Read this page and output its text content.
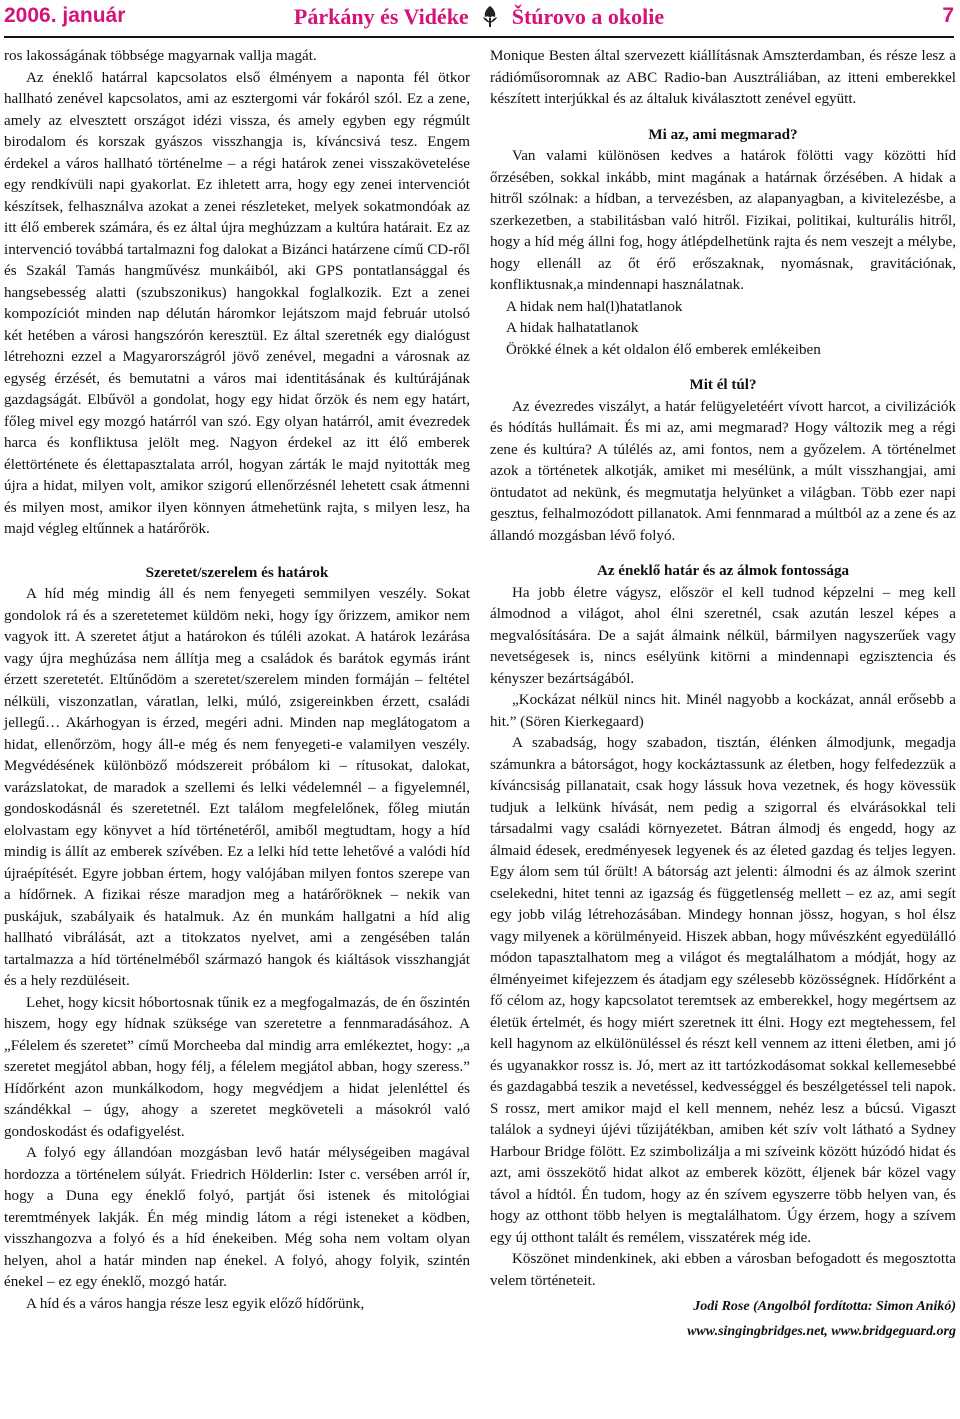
2006. január	Párkány és Vidéke Štúrovo a okolie	7

ros lakosságának többsége magyarnak vallja magát.

Az éneklő határral kapcsolatos első élményem a naponta fél ötkor hallható zenével kapcsolatos, ami az esztergomi vár fokáról szól. Ez a zene, amely az elvesztett országot idézi vissza, és amely egyben egy régmúlt birodalom és korszak gyászos visszhangja is, kíváncsivá tesz. Engem érdekel a város hallható történelme – a régi határok zenei visszakövetelése egy rendkívüli napi gyakorlat. Ez ihletett arra, hogy egy zenei intervenciót készítsek, felhasználva azokat a zenei részleteket, melyek sokatmondóak az itt élő emberek számára, és ez által újra meghúzzam a kultúra határait. Ez az intervenció továbbá tartalmazni fog dalokat a Bizánci határzene című CD-ről és Szakál Tamás hangművész munkáiból, aki GPS pontatlansággal és hangsebesség alatti (szubszonikus) hangokkal foglalkozik. Ezt a zenei kompozíciót minden nap délután háromkor lejátszom majd február utolsó két hetében a városi hangszórón keresztül. Ez által szeretnék egy dialógust létrehozni ezzel a Magyarországról jövő zenével, megadni a városnak az egység érzését, és bemutatni a város mai identitásának és kultúrájának gazdagságát. Elbűvöl a gondolat, hogy egy hidat őrzök és nem egy határt, főleg mivel egy mozgó határról van szó. Egy olyan határról, amit évezredek harca és konfliktusa jelölt meg. Nagyon érdekel az itt élő emberek élettörténete és élettapasztalata arról, hogyan zárták le majd nyitották meg újra a hidat, milyen volt, amikor szigorú ellenőrzésnél lehetett csak átmenni és milyen most, amikor ilyen könnyen átmehetünk rajta, s milyen lesz, ha majd végleg eltűnnek a határőrök.

Szeretet/szerelem és határok

A híd még mindig áll és nem fenyegeti semmilyen veszély. Sokat gondolok rá és a szeretetemet küldöm neki, hogy így őrizzem, amikor nem vagyok itt. A szeretet átjut a határokon és túléli azokat. A határok lezárása vagy újra meghúzása nem állítja meg a családok és barátok egymás iránt érzett szeretetét. Eltűnődöm a szeretet/szerelem minden formáján – feltétel nélküli, viszonzatlan, váratlan, lelki, múló, zsigereinkben érzett, családi jellegű… Akárhogyan is érzed, megéri adni. Minden nap meglátogatom a hidat, ellenőrzöm, hogy áll-e még és nem fenyegeti-e valamilyen veszély. Megvédésének különböző módszereit próbálom ki – rítusokat, dalokat, varázslatokat, de maradok a szellemi és lelki védelemnél – a figyelemnél, gondoskodásnál és szeretetnél. Ezt találom megfelelőnek, főleg miután elolvastam egy könyvet a híd történetéről, amiből megtudtam, hogy a híd mindig is állít az emberek szívében. Ez a lelki híd tette lehetővé a valódi híd újraépítését. Egyre jobban értem, hogy valójában milyen fontos szerepe van a hídőrnek. A fizikai része maradjon meg a határőröknek – nekik van puskájuk, szabályaik és hatalmuk. Az én munkám hallgatni a híd alig hallható vibrálását, azt a titokzatos nyelvet, ami a zengésében talán tartalmazza a híd történelméből származó hangok és kiáltások visszhangját és a hely rezdüléseit.

Lehet, hogy kicsit hóbortosnak tűnik ez a megfogalmazás, de én őszintén hiszem, hogy egy hídnak szüksége van szeretetre a fennmaradásához. A „Félelem és szeretet” című Morcheeba dal mindig arra emlékeztet, hogy: „a szeretet megjátol abban, hogy félj, a félelem megjátol abban, hogy szeress.” Hídőrként azon munkálkodom, hogy megvédjem a hidat jelenléttel és szándékkal – úgy, ahogy a szeretet megköveteli a másokról való gondoskodást és odafigyelést.

A folyó egy állandóan mozgásban levő határ mélységeiben magával hordozza a történelem súlyát. Friedrich Hölderlin: Ister c. versében arról ír, hogy a Duna egy éneklő folyó, partját ősi istenek és mitológiai teremtmények lakják. Én még mindig látom a régi isteneket a ködben, visszhangozva a folyó és a híd énekeiben. Még soha nem voltam olyan helyen, ahol a határ minden nap énekel. A folyó, ahogy folyik, szintén énekel – ez egy éneklő, mozgó határ.

A híd és a város hangja része lesz egyik előző hídőrünk,

Monique Besten által szervezett kiállításnak Amszterdamban, és része lesz a rádióműsoromnak az ABC Radio-ban Ausztráliában, az itteni emberekkel készített interjúkkal és az általuk kiválasztott zenével együtt.

Mi az, ami megmarad?

Van valami különösen kedves a határok fölötti vagy közötti híd őrzésében, sokkal inkább, mint magának a határnak őrzésében. A hidak a hitről szólnak: a hídban, a tervezésben, az alapanyagban, a kivitelezésbe, a szerkezetben, a stabilitásban való hitről. Fizikai, politikai, kulturális hitről, hogy a híd még állni fog, hogy átlépdelhetünk rajta és nem veszejt a mélybe, hogy ellenáll az őt érő erőszaknak, nyomásnak, gravitációnak, konfliktusnak,a mindennapi használatnak.

A hidak nem hal(l)hatatlanok

A hidak halhatatlanok

Örökké élnek a két oldalon élő emberek emlékeiben

Mit él túl?

Az évezredes viszályt, a határ felügyeletéért vívott harcot, a civilizációk és hódítás hullámait. És mi az, ami megmarad? Hogy változik meg a régi zene és kultúra? A túlélés az, ami fontos, nem a győzelem. A történelmet azok a történetek alkotják, amiket mi mesélünk, a múlt visszhangjai, ami öntudatot ad nekünk, és megmutatja helyünket a világban. Több ezer napi gesztus, felhalmozódott pillanatok. Ami fennmarad a múltból az a zene és az állandó mozgásban lévő folyó.

Az éneklő határ és az álmok fontossága

Ha jobb életre vágysz, először el kell tudnod képzelni – meg kell álmodnod a világot, ahol élni szeretnél, csak azután leszel képes a megvalósítására. De a saját álmaink nélkül, bármilyen nagyszerűek vagy nevetségesek is, nincs esélyünk kitörni a mindennapi egzisztencia és kényszer bezártságából.

„Kockázat nélkül nincs hit. Minél nagyobb a kockázat, annál erősebb a hit.” (Sören Kierkegaard)

A szabadság, hogy szabadon, tisztán, élénken álmodjunk, megadja számunkra a bátorságot, hogy kockáztassunk az életben, hogy felfedezzük a kíváncsiság pillanatait, csak hogy lássuk hova vezetnek, és hogy kövessük tudjuk a lelkünk hívását, nem pedig a szigorral és elvárásokkal teli társadalmi vagy családi környezetet. Bátran álmodj és engedd, hogy az álmaid édesek, eredményesek legyenek és az életed gazdag és teljes legyen. Egy álom sem túl őrült! A bátorság azt jelenti: álmodni és az álmok szerint cselekedni, hitet tenni az igazság és függetlenség mellett – ez az, ami segít egy jobb világ létrehozásában. Mindegy honnan jössz, hogyan, s hol élsz vagy milyenek a körülményeid. Hiszek abban, hogy művészként egyedülálló módon tapasztalhatom meg a világot és megtalálhatom a módját, hogy az élményeimet kifejezzem és átadjam egy szélesebb közösségnek. Hídőrként a fő célom az, hogy kapcsolatot teremtsek az emberekkel, hogy megértsem az életük értelmét, és hogy miért szeretnek itt élni. Hogy ezt megtehessem, fel kell hagynom az elkülönüléssel és részt kell vennem az itteni életben, ami jó és ugyanakkor rossz is. Jó, mert az itt tartózkodásomat sokkal kellemesebbé és gazdagabbá teszik a nevetéssel, kedvességgel és beszélgetéssel teli napok. S rossz, mert amikor majd el kell mennem, nehéz lesz a búcsú. Vigaszt találok a sydneyi újévi tűzijátékban, amiben két szív volt látható a Sydney Harbour Bridge fölött. Ez szimbolizálja a mi szíveink között húzódó hidat és azt, ami összekötő hidat alkot az emberek között, éljenek bár közel vagy távol a hídtól. Én tudom, hogy az én szívem egyszerre több helyen van, és hogy az otthont több helyen is megtalálhatom. Úgy érzem, hogy a szívem egy új otthont talált és remélem, visszatérek még ide.

Köszönet mindenkinek, aki ebben a városban befogadott és megosztotta velem történeteit.

Jodi Rose (Angolból fordította: Simon Anikó)
www.singingbridges.net, www.bridgeguard.org
